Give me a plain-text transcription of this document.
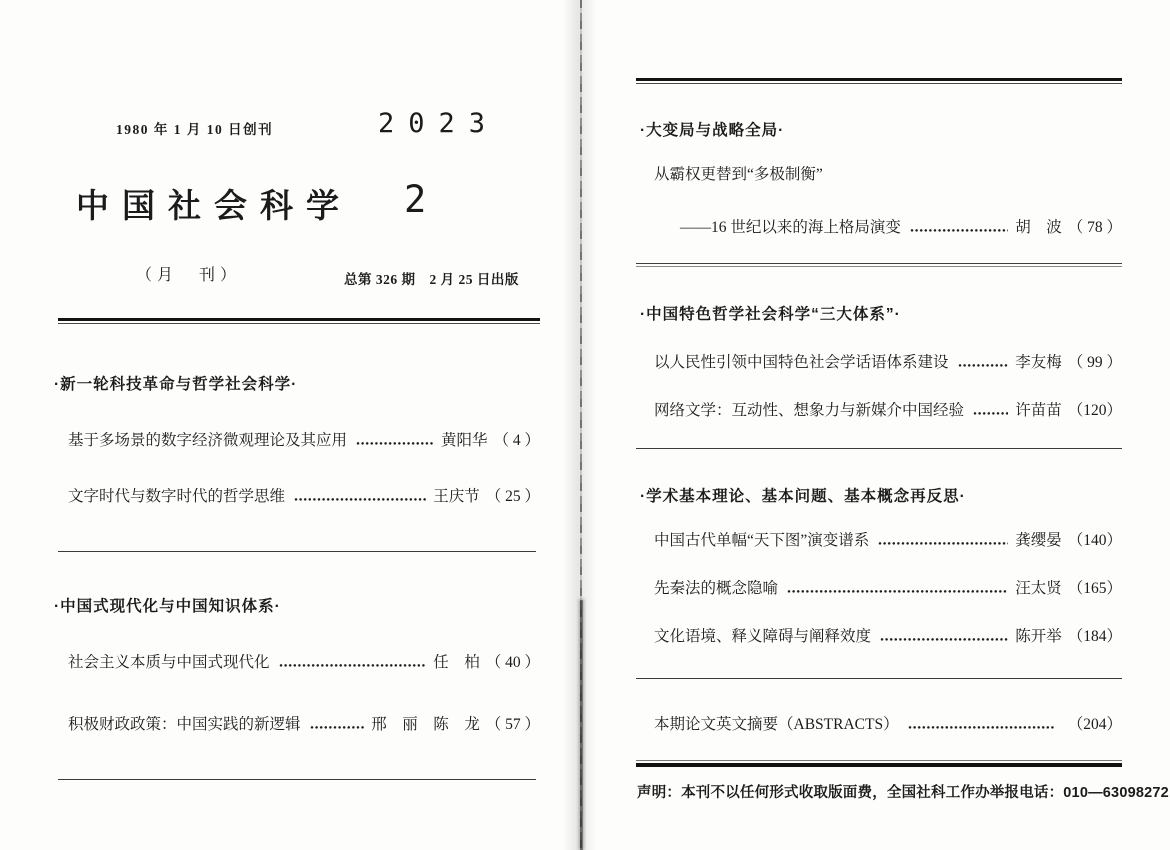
1980 年 1 月 10 日创刊	2023
中国社会科学 2
（月　刊）	总第 326 期　2 月 25 日出版
·新一轮科技革命与哲学社会科学·
基于多场景的数字经济微观理论及其应用	黄阳华 （ 4 ）
文字时代与数字时代的哲学思维	王庆节 （ 25 ）
·中国式现代化与中国知识体系·
社会主义本质与中国式现代化	任　柏 （ 40 ）
积极财政政策：中国实践的新逻辑	邢　丽　陈　龙 （ 57 ）
·大变局与战略全局·
从霸权更替到“多极制衡”
——16 世纪以来的海上格局演变	胡　波 （ 78 ）
·中国特色哲学社会科学“三大体系”·
以人民性引领中国特色社会学话语体系建设	李友梅 （ 99 ）
网络文学：互动性、想象力与新媒介中国经验	许苗苗 （120）
·学术基本理论、基本问题、基本概念再反思·
中国古代单幅“天下图”演变谱系	龚缨晏 （140）
先秦法的概念隐喻	汪太贤 （165）
文化语境、释义障碍与阐释效度	陈开举 （184）
本期论文英文摘要（ABSTRACTS）	（204）
声明：本刊不以任何形式收取版面费，全国社科工作办举报电话：010—63098272
